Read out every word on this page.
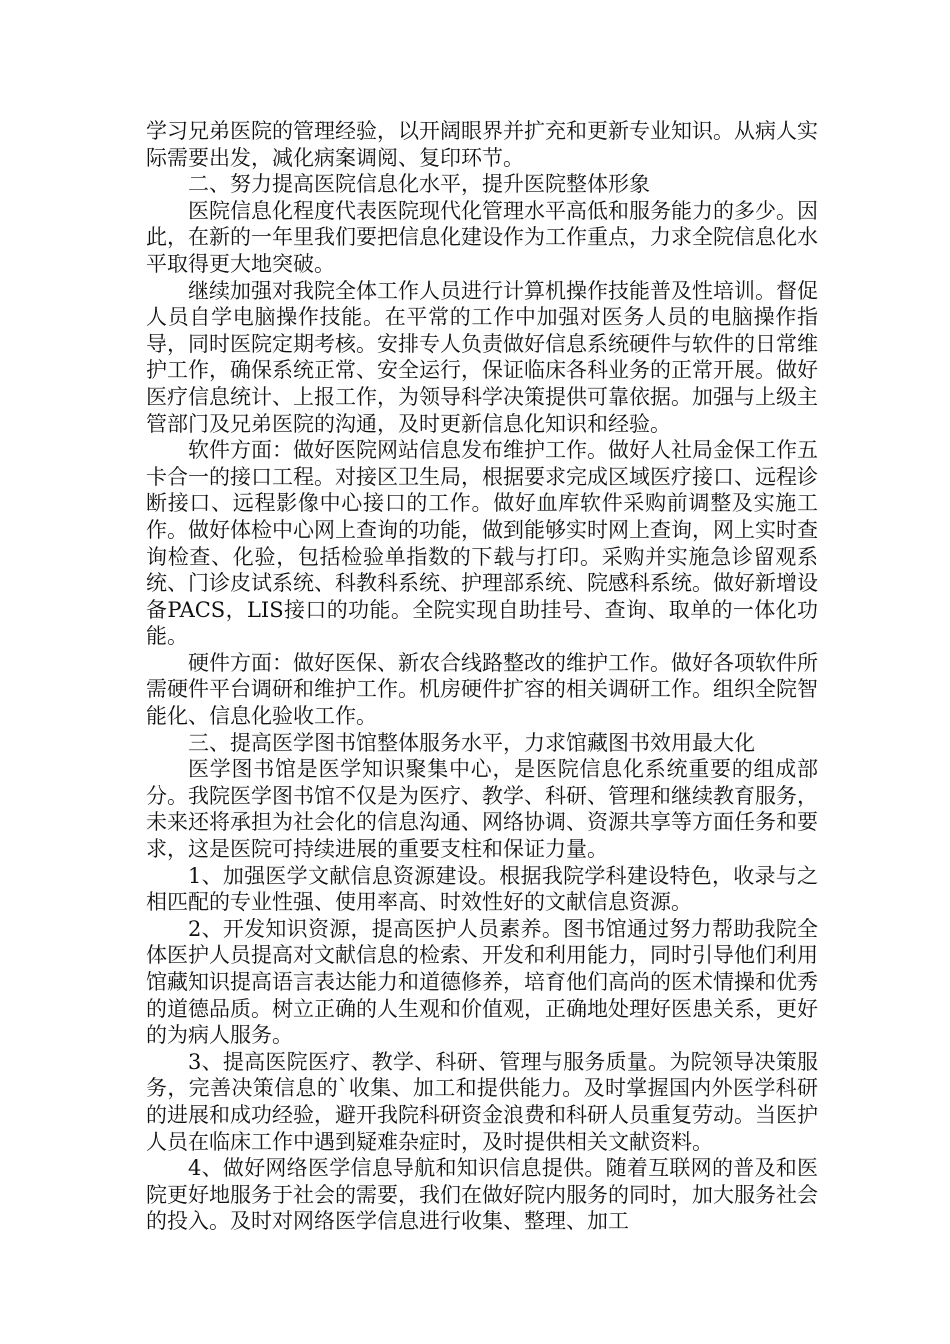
学习兄弟医院的管理经验，以开阔眼界并扩充和更新专业知识。从病人实际需要出发，减化病案调阅、复印环节。

二、努力提高医院信息化水平，提升医院整体形象

医院信息化程度代表医院现代化管理水平高低和服务能力的多少。因此，在新的一年里我们要把信息化建设作为工作重点，力求全院信息化水平取得更大地突破。

继续加强对我院全体工作人员进行计算机操作技能普及性培训。督促人员自学电脑操作技能。在平常的工作中加强对医务人员的电脑操作指导，同时医院定期考核。安排专人负责做好信息系统硬件与软件的日常维护工作，确保系统正常、安全运行，保证临床各科业务的正常开展。做好医疗信息统计、上报工作，为领导科学决策提供可靠依据。加强与上级主管部门及兄弟医院的沟通，及时更新信息化知识和经验。

软件方面：做好医院网站信息发布维护工作。做好人社局金保工作五卡合一的接口工程。对接区卫生局，根据要求完成区域医疗接口、远程诊断接口、远程影像中心接口的工作。做好血库软件采购前调整及实施工作。做好体检中心网上查询的功能，做到能够实时网上查询，网上实时查询检查、化验，包括检验单指数的下载与打印。采购并实施急诊留观系统、门诊皮试系统、科教科系统、护理部系统、院感科系统。做好新增设备PACS，LIS接口的功能。全院实现自助挂号、查询、取单的一体化功能。

硬件方面：做好医保、新农合线路整改的维护工作。做好各项软件所需硬件平台调研和维护工作。机房硬件扩容的相关调研工作。组织全院智能化、信息化验收工作。

三、提高医学图书馆整体服务水平，力求馆藏图书效用最大化

医学图书馆是医学知识聚集中心，是医院信息化系统重要的组成部分。我院医学图书馆不仅是为医疗、教学、科研、管理和继续教育服务，未来还将承担为社会化的信息沟通、网络协调、资源共享等方面任务和要求，这是医院可持续进展的重要支柱和保证力量。

1、加强医学文献信息资源建设。根据我院学科建设特色，收录与之相匹配的专业性强、使用率高、时效性好的文献信息资源。

2、开发知识资源，提高医护人员素养。图书馆通过努力帮助我院全体医护人员提高对文献信息的检索、开发和利用能力，同时引导他们利用馆藏知识提高语言表达能力和道德修养，培育他们高尚的医术情操和优秀的道德品质。树立正确的人生观和价值观，正确地处理好医患关系，更好的为病人服务。

3、提高医院医疗、教学、科研、管理与服务质量。为院领导决策服务，完善决策信息的`收集、加工和提供能力。及时掌握国内外医学科研的进展和成功经验，避开我院科研资金浪费和科研人员重复劳动。当医护人员在临床工作中遇到疑难杂症时，及时提供相关文献资料。

4、做好网络医学信息导航和知识信息提供。随着互联网的普及和医院更好地服务于社会的需要，我们在做好院内服务的同时，加大服务社会的投入。及时对网络医学信息进行收集、整理、加工
